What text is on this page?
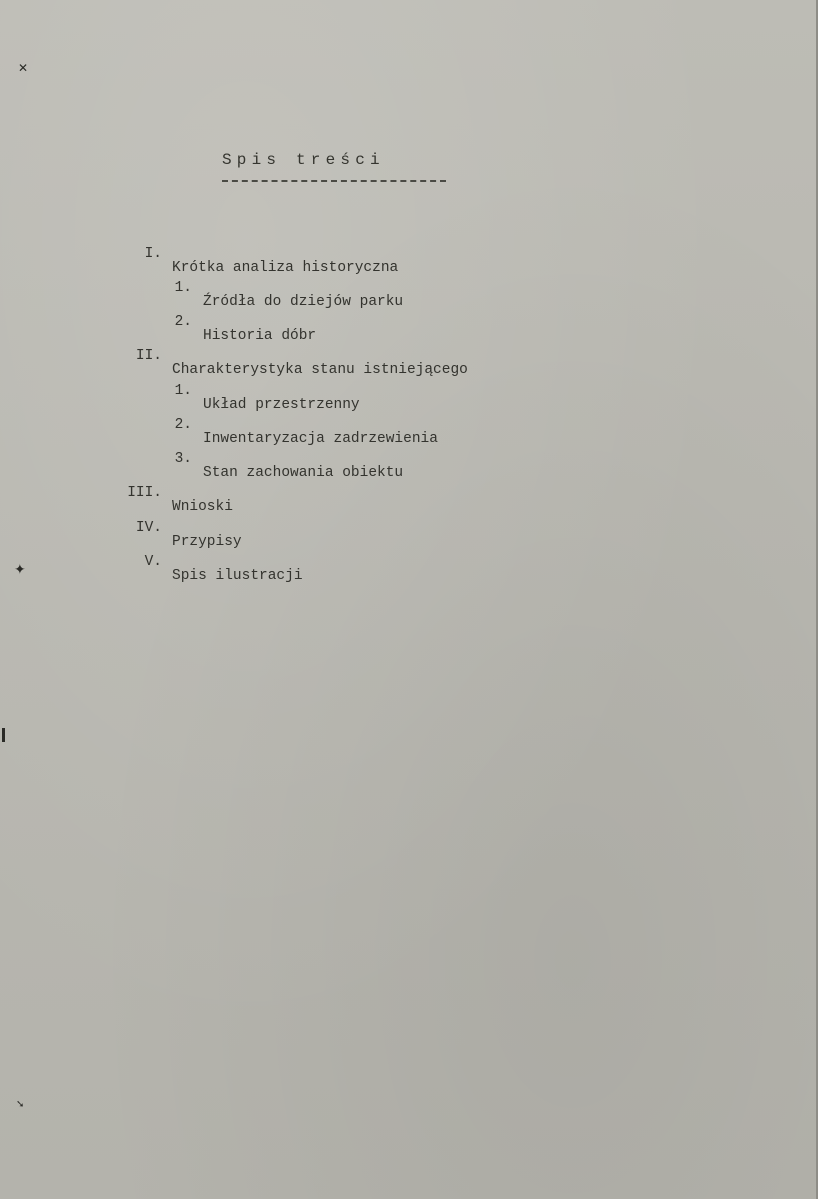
✕
✦
➘
Spis treści

I.

Krótka analiza historyczna

1.

Źródła do dziejów parku

2.

Historia dóbr

II.

Charakterystyka stanu istniejącego

1.

Układ przestrzenny

2.

Inwentaryzacja zadrzewienia

3.

Stan zachowania obiektu

III.

Wnioski

IV.

Przypisy

V.

Spis ilustracji
